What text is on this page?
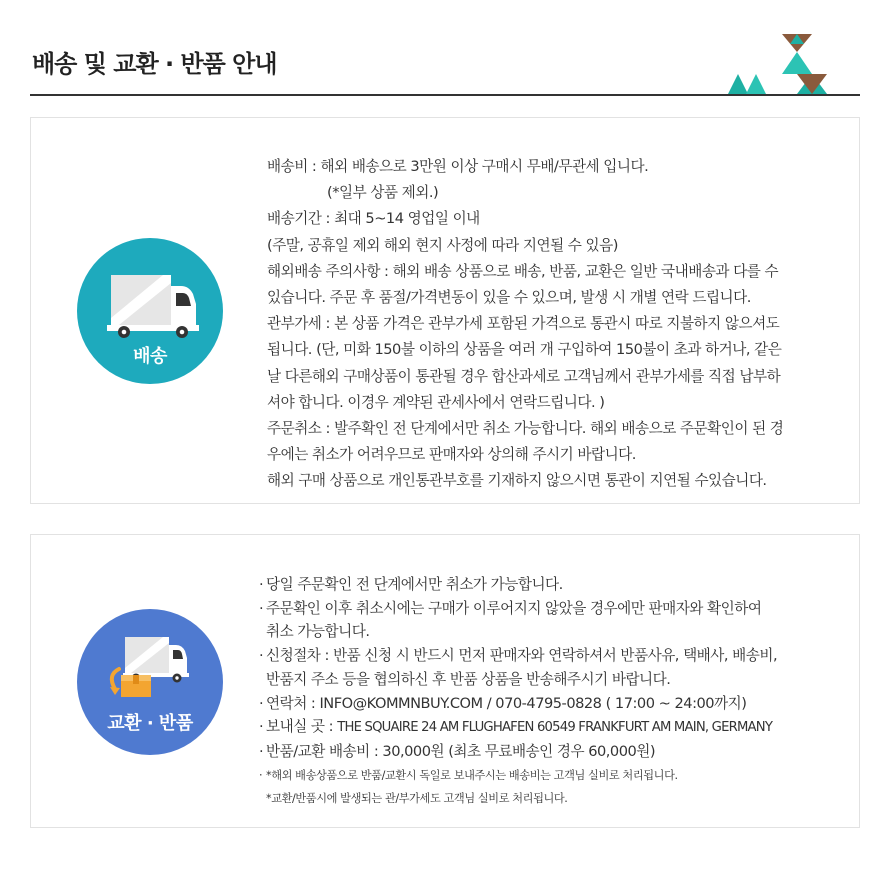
배송 및 교환 · 반품 안내
배송
배송비 : 해외 배송으로 3만원 이상 구매시 무배/무관세 입니다.
(*일부 상품 제외.)
배송기간 : 최대 5~14 영업일 이내
(주말, 공휴일 제외 해외 현지 사정에 따라 지연될 수 있음)
해외배송 주의사항 : 해외 배송 상품으로 배송, 반품, 교환은 일반 국내배송과 다를 수
있습니다. 주문 후 품절/가격변동이 있을 수 있으며, 발생 시 개별 연락 드립니다.
관부가세 : 본 상품 가격은 관부가세 포함된 가격으로 통관시 따로 지불하지 않으셔도
됩니다. (단, 미화 150불 이하의 상품을 여러 개 구입하여 150불이 초과 하거나, 같은
날 다른해외 구매상품이 통관될 경우 합산과세로 고객님께서 관부가세를 직접 납부하
셔야 합니다. 이경우 계약된 관세사에서 연락드립니다. )
주문취소 : 발주확인 전 단계에서만 취소 가능합니다. 해외 배송으로 주문확인이 된 경
우에는 취소가 어려우므로 판매자와 상의해 주시기 바랍니다.
해외 구매 상품으로 개인통관부호를 기재하지 않으시면 통관이 지연될 수있습니다.
교환 · 반품
· 당일 주문확인 전 단계에서만 취소가 가능합니다.
· 주문확인 이후 취소시에는 구매가 이루어지지 않았을 경우에만 판매자와 확인하여
취소 가능합니다.
· 신청절차 : 반품 신청 시 반드시 먼저 판매자와 연락하셔서 반품사유, 택배사, 배송비,
반품지 주소 등을 협의하신 후 반품 상품을 반송해주시기 바랍니다.
· 연락처 : INFO@KOMMNBUY.COM / 070-4795-0828 ( 17:00 ~ 24:00까지)
· 보내실 곳 : THE SQUAIRE 24 AM FLUGHAFEN 60549 FRANKFURT AM MAIN, GERMANY
· 반품/교환 배송비 : 30,000원 (최초 무료배송인 경우 60,000원)
· *해외 배송상품으로 반품/교환시 독일로 보내주시는 배송비는 고객님 실비로 처리됩니다.
*교환/반품시에 발생되는 관/부가세도 고객님 실비로 처리됩니다.
